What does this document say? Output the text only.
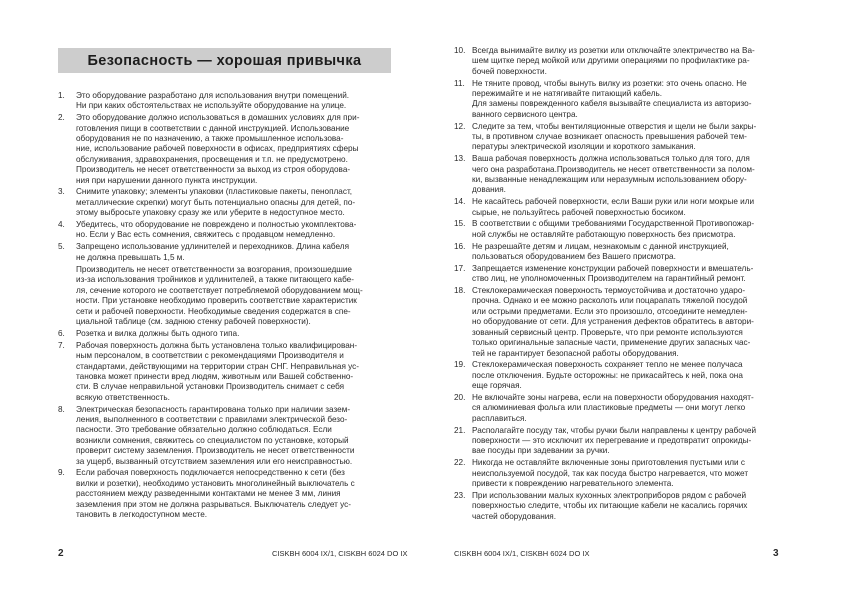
Безопасность — хорошая привычка
1. Это оборудование разработано для использования внутри помещений.
Ни при каких обстоятельствах не используйте оборудование на улице.
2. Это оборудование должно использоваться в домашних условиях для при-
готовления пищи в соответствии с данной инструкцией. Использование
оборудования не по назначению, а также промышленное использова-
ние, использование рабочей поверхности в офисах, предприятиях сферы
обслуживания, здравохранения, просвещения и т.п. не предусмотрено.
Производитель не несет ответственности за выход из строя оборудова-
ния при нарушении данного пункта инструкции.
3. Снимите упаковку; элементы упаковки (пластиковые пакеты, пенопласт,
металлические скрепки) могут быть потенциально опасны для детей, по-
этому выбросьте упаковку сразу же или уберите в недоступное место.
4. Убедитесь, что оборудование не повреждено и полностью укомплектова-
но. Если у Вас есть сомнения, свяжитесь с продавцом немедленно.
5. Запрещено использование удлинителей и переходников. Длина кабеля
не должна превышать 1,5 м.
Производитель не несет ответственности за возгорания, произошедшие
из-за использования тройников и удлинителей, а также питающего кабе-
ля, сечение которого не соответствует потребляемой оборудованием мощ-
ности. При установке необходимо проверить соответствие характеристик
сети и рабочей поверхности. Необходимые сведения содержатся в спе-
циальной таблице (см. заднюю стенку рабочей поверхности).
6. Розетка и вилка должны быть одного типа.
7. Рабочая поверхность должна быть установлена только квалифицирован-
ным персоналом, в соответствии с рекомендациями Производителя и
стандартами, действующими на территории стран СНГ. Неправильная ус-
тановка может принести вред людям, животным или Вашей собственно-
сти. В случае неправильной установки Производитель снимает с себя
всякую ответственность.
8. Электрическая безопасность гарантирована только при наличии зазем-
ления, выполненного в соответствии с правилами электрической безо-
пасности. Это требование обязательно должно соблюдаться. Если
возникли сомнения, свяжитесь со специалистом по установке, который
проверит систему заземления. Производитель не несет ответственности
за ущерб, вызванный отсутствием заземления или его неисправностью.
9. Если рабочая поверхность подключается непосредственно к сети (без
вилки и розетки), необходимо установить многолинейный выключатель с
расстоянием между разведенными контактами не менее 3 мм, линия
заземления при этом не должна разрываться. Выключатель следует ус-
тановить в легкодоступном месте.
2	CISKBH 6004 IX/1, CISKBH 6024 DO IX
10. Всегда вынимайте вилку из розетки или отключайте электричество на Ва-
шем щитке перед мойкой или другими операциями по профилактике ра-
бочей поверхности.
11. Не тяните провод, чтобы вынуть вилку из розетки: это очень опасно. Не
пережимайте и не натягивайте питающий кабель.
Для замены поврежденного кабеля вызывайте специалиста из авторизо-
ванного сервисного центра.
12. Следите за тем, чтобы вентиляционные отверстия и щели не были закры-
ты, в противном случае возникает опасность превышения рабочей тем-
пературы электрической изоляции и короткого замыкания.
13. Ваша рабочая поверхность должна использоваться только для того, для
чего она разработана.Производитель не несет ответственности за полом-
ки, вызванные ненадлежащим или неразумным использованием обору-
дования.
14. Не касайтесь рабочей поверхности, если Ваши руки или ноги мокрые или
сырые, не пользуйтесь рабочей поверхностью босиком.
15. В соответствии с общими требованиями Государственной Противопожар-
ной службы не оставляйте работающую поверхность без присмотра.
16. Не разрешайте детям и лицам, незнакомым с данной инструкцией,
пользоваться оборудованием без Вашего присмотра.
17. Запрещается изменение конструкции рабочей поверхности и вмешатель-
ство лиц, не уполномоченных Производителем на гарантийный ремонт.
18. Стеклокерамическая поверхность термоустойчива и достаточно ударо-
прочна. Однако и ее можно расколоть или поцарапать тяжелой посудой
или острыми предметами. Если это произошло, отсоедините немедлен-
но оборудование от сети. Для устранения дефектов обратитесь в автори-
зованный сервисный центр. Проверьте, что при ремонте используются
только оригинальные запасные части, применение других запасных час-
тей не гарантирует безопасной работы оборудования.
19. Стеклокерамическая поверхность сохраняет тепло не менее получаса
после отключения. Будьте осторожны: не прикасайтесь к ней, пока она
еще горячая.
20. Не включайте зоны нагрева, если на поверхности оборудования находят-
ся алюминиевая фольга или пластиковые предметы — они могут легко
расплавиться.
21. Располагайте посуду так, чтобы ручки были направлены к центру рабочей
поверхности — это исключит их перегревание и предотвратит опрокиды-
вае посуды при задевании за ручки.
22. Никогда не оставляйте включенные зоны приготовления пустыми или с
неиспользуемой посудой, так как посуда быстро нагревается, что может
привести к повреждению нагревательного элемента.
23. При использовании малых кухонных электроприборов рядом с рабочей
поверхностью следите, чтобы их питающие кабели не касались горячих
частей оборудования.
CISKBH 6004 IX/1, CISKBH 6024 DO IX	3
